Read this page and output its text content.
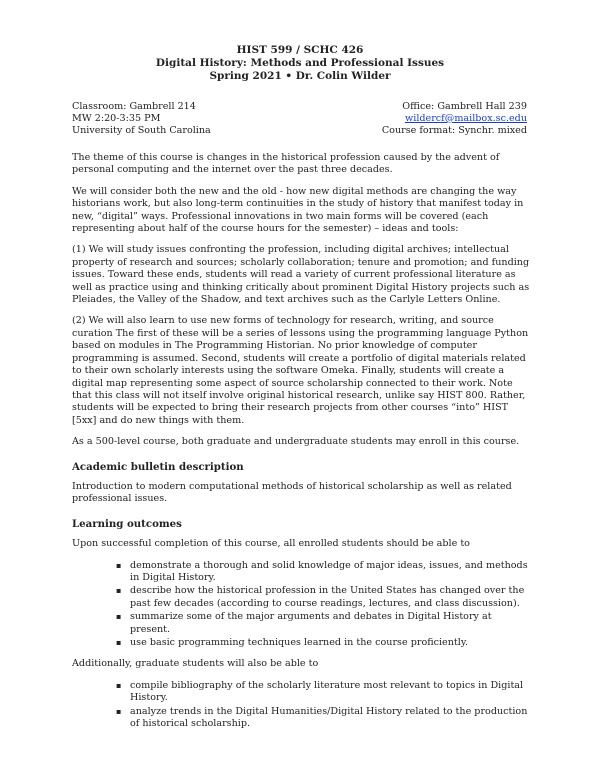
HIST 599 / SCHC 426
Digital History: Methods and Professional Issues
Spring 2021 • Dr. Colin Wilder
Classroom: Gambrell 214
MW 2:20-3:35 PM
University of South Carolina
Office: Gambrell Hall 239
wildercf@mailbox.sc.edu
Course format: Synchr. mixed

The theme of this course is changes in the historical profession caused by the advent of personal computing and the internet over the past three decades.

We will consider both the new and the old - how new digital methods are changing the way historians work, but also long-term continuities in the study of history that manifest today in new, “digital” ways. Professional innovations in two main forms will be covered (each representing about half of the course hours for the semester) – ideas and tools:

(1) We will study issues confronting the profession, including digital archives; intellectual property of research and sources; scholarly collaboration; tenure and promotion; and funding issues. Toward these ends, students will read a variety of current professional literature as well as practice using and thinking critically about prominent Digital History projects such as Pleiades, the Valley of the Shadow, and text archives such as the Carlyle Letters Online.

(2) We will also learn to use new forms of technology for research, writing, and source curation The first of these will be a series of lessons using the programming language Python based on modules in The Programming Historian. No prior knowledge of computer programming is assumed. Second, students will create a portfolio of digital materials related to their own scholarly interests using the software Omeka. Finally, students will create a digital map representing some aspect of source scholarship connected to their work. Note that this class will not itself involve original historical research, unlike say HIST 800. Rather, students will be expected to bring their research projects from other courses “into” HIST [5xx] and do new things with them.

As a 500-level course, both graduate and undergraduate students may enroll in this course.

Academic bulletin description

Introduction to modern computational methods of historical scholarship as well as related professional issues.

Learning outcomes

Upon successful completion of this course, all enrolled students should be able to

▪ demonstrate a thorough and solid knowledge of major ideas, issues, and methods in Digital History.
▪ describe how the historical profession in the United States has changed over the past few decades (according to course readings, lectures, and class discussion).
▪ summarize some of the major arguments and debates in Digital History at present.
▪ use basic programming techniques learned in the course proficiently.

Additionally, graduate students will also be able to

▪ compile bibliography of the scholarly literature most relevant to topics in Digital History.
▪ analyze trends in the Digital Humanities/Digital History related to the production of historical scholarship.
